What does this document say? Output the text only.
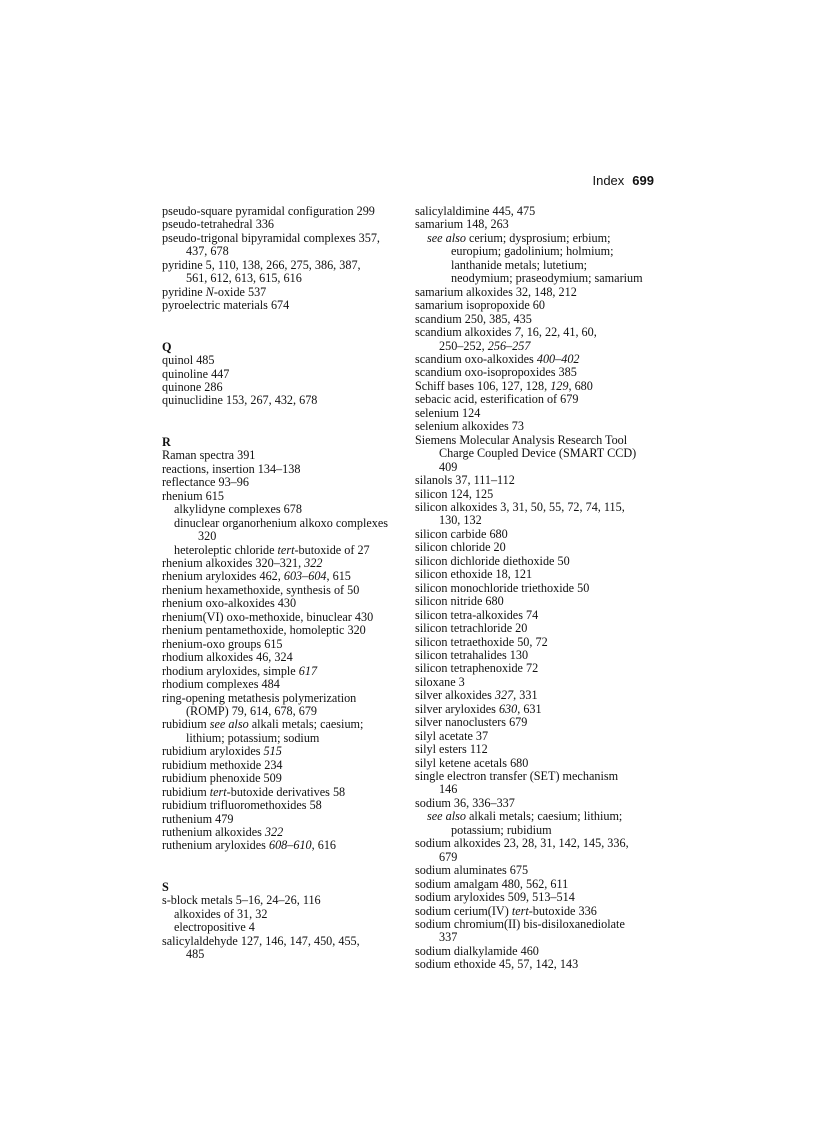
Index 699
pseudo-square pyramidal configuration 299
pseudo-tetrahedral 336
pseudo-trigonal bipyramidal complexes 357,
437, 678
pyridine 5, 110, 138, 266, 275, 386, 387,
561, 612, 613, 615, 616
pyridine N-oxide 537
pyroelectric materials 674
Q
quinol 485
quinoline 447
quinone 286
quinuclidine 153, 267, 432, 678
R
Raman spectra 391
reactions, insertion 134–138
reflectance 93–96
rhenium 615
alkylidyne complexes 678
dinuclear organorhenium alkoxo complexes
320
heteroleptic chloride tert-butoxide of 27
rhenium alkoxides 320–321, 322
rhenium aryloxides 462, 603–604, 615
rhenium hexamethoxide, synthesis of 50
rhenium oxo-alkoxides 430
rhenium(VI) oxo-methoxide, binuclear 430
rhenium pentamethoxide, homoleptic 320
rhenium-oxo groups 615
rhodium alkoxides 46, 324
rhodium aryloxides, simple 617
rhodium complexes 484
ring-opening metathesis polymerization
(ROMP) 79, 614, 678, 679
rubidium see also alkali metals; caesium;
lithium; potassium; sodium
rubidium aryloxides 515
rubidium methoxide 234
rubidium phenoxide 509
rubidium tert-butoxide derivatives 58
rubidium trifluoromethoxides 58
ruthenium 479
ruthenium alkoxides 322
ruthenium aryloxides 608–610, 616
S
s-block metals 5–16, 24–26, 116
alkoxides of 31, 32
electropositive 4
salicylaldehyde 127, 146, 147, 450, 455,
485
salicylaldimine 445, 475
samarium 148, 263
see also cerium; dysprosium; erbium;
europium; gadolinium; holmium;
lanthanide metals; lutetium;
neodymium; praseodymium; samarium
samarium alkoxides 32, 148, 212
samarium isopropoxide 60
scandium 250, 385, 435
scandium alkoxides 7, 16, 22, 41, 60,
250–252, 256–257
scandium oxo-alkoxides 400–402
scandium oxo-isopropoxides 385
Schiff bases 106, 127, 128, 129, 680
sebacic acid, esterification of 679
selenium 124
selenium alkoxides 73
Siemens Molecular Analysis Research Tool
Charge Coupled Device (SMART CCD)
409
silanols 37, 111–112
silicon 124, 125
silicon alkoxides 3, 31, 50, 55, 72, 74, 115,
130, 132
silicon carbide 680
silicon chloride 20
silicon dichloride diethoxide 50
silicon ethoxide 18, 121
silicon monochloride triethoxide 50
silicon nitride 680
silicon tetra-alkoxides 74
silicon tetrachloride 20
silicon tetraethoxide 50, 72
silicon tetrahalides 130
silicon tetraphenoxide 72
siloxane 3
silver alkoxides 327, 331
silver aryloxides 630, 631
silver nanoclusters 679
silyl acetate 37
silyl esters 112
silyl ketene acetals 680
single electron transfer (SET) mechanism
146
sodium 36, 336–337
see also alkali metals; caesium; lithium;
potassium; rubidium
sodium alkoxides 23, 28, 31, 142, 145, 336,
679
sodium aluminates 675
sodium amalgam 480, 562, 611
sodium aryloxides 509, 513–514
sodium cerium(IV) tert-butoxide 336
sodium chromium(II) bis-disiloxanediolate
337
sodium dialkylamide 460
sodium ethoxide 45, 57, 142, 143
